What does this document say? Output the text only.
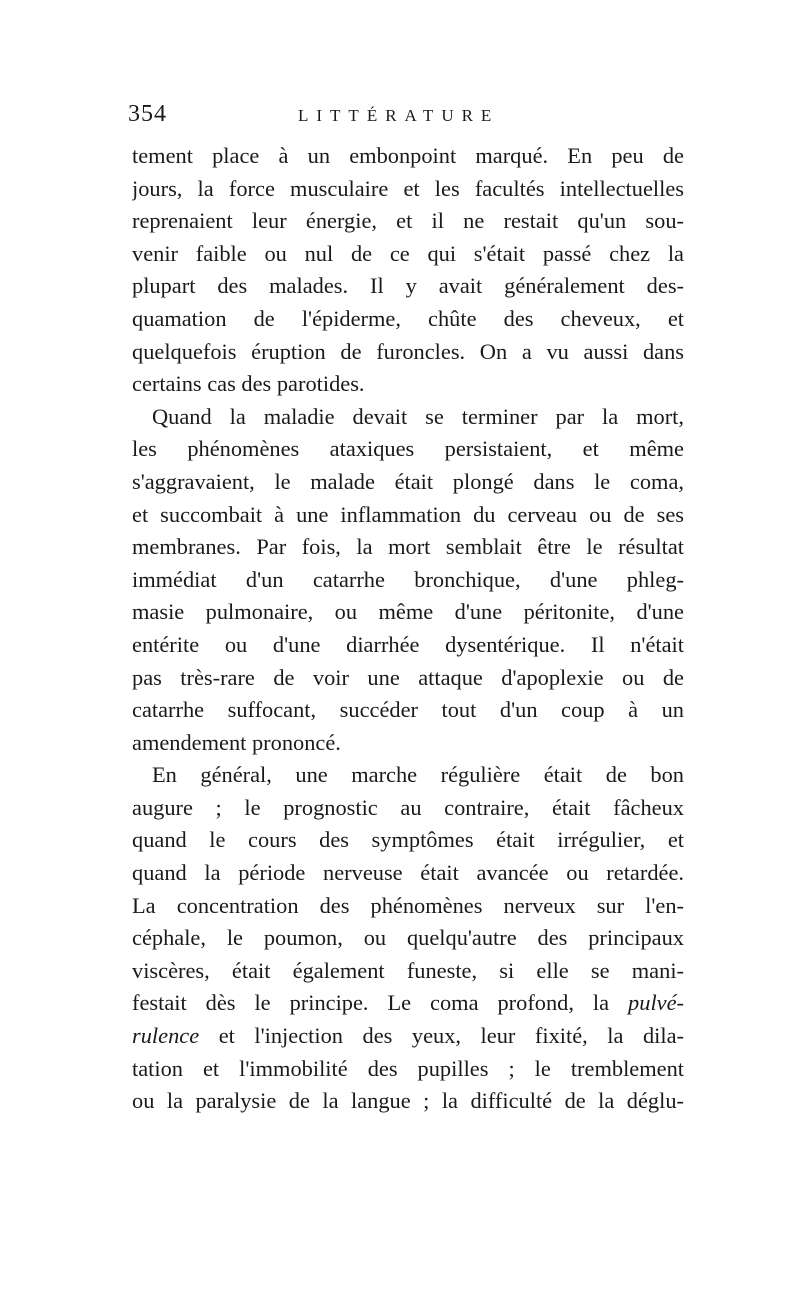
354	LITTÉRATURE
tement place à un embonpoint marqué. En peu de
jours, la force musculaire et les facultés intellectuelles
reprenaient leur énergie, et il ne restait qu'un sou-
venir faible ou nul de ce qui s'était passé chez la
plupart des malades. Il y avait généralement des-
quamation de l'épiderme, chûte des cheveux, et
quelquefois éruption de furoncles. On a vu aussi dans
certains cas des parotides.
Quand la maladie devait se terminer par la mort,
les phénomènes ataxiques persistaient, et même
s'aggravaient, le malade était plongé dans le coma,
et succombait à une inflammation du cerveau ou de ses
membranes. Par fois, la mort semblait être le résultat
immédiat d'un catarrhe bronchique, d'une phleg-
masie pulmonaire, ou même d'une péritonite, d'une
entérite ou d'une diarrhée dysentérique. Il n'était
pas très-rare de voir une attaque d'apoplexie ou de
catarrhe suffocant, succéder tout d'un coup à un
amendement prononcé.
En général, une marche régulière était de bon
augure ; le prognostic au contraire, était fâcheux
quand le cours des symptômes était irrégulier, et
quand la période nerveuse était avancée ou retardée.
La concentration des phénomènes nerveux sur l'en-
céphale, le poumon, ou quelqu'autre des principaux
viscères, était également funeste, si elle se mani-
festait dès le principe. Le coma profond, la pulvé-
rulence et l'injection des yeux, leur fixité, la dila-
tation et l'immobilité des pupilles ; le tremblement
ou la paralysie de la langue ; la difficulté de la déglu-
